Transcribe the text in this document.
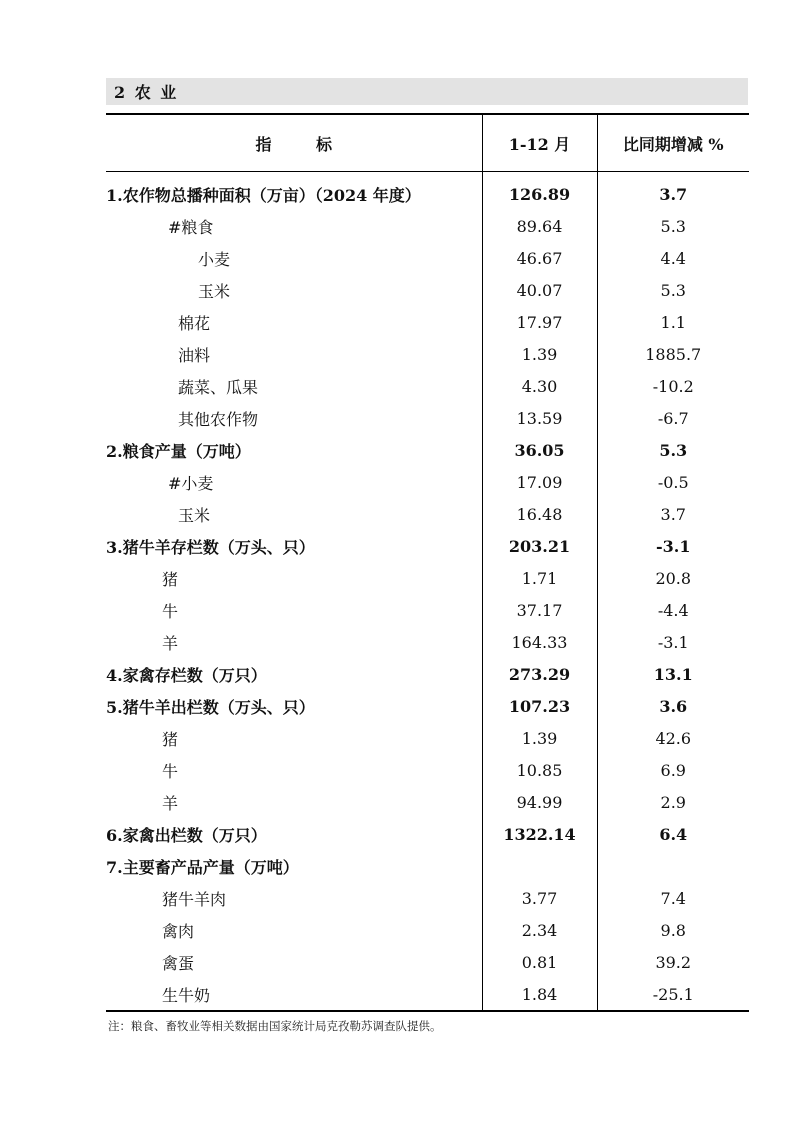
2 农 业
指        标	1-12 月	比同期增减 %
1.农作物总播种面积（万亩）（2024 年度）	126.89	3.7
#粮食	89.64	5.3
小麦	46.67	4.4
玉米	40.07	5.3
棉花	17.97	1.1
油料	1.39	1885.7
蔬菜、瓜果	4.30	-10.2
其他农作物	13.59	-6.7
2.粮食产量（万吨）	36.05	5.3
#小麦	17.09	-0.5
玉米	16.48	3.7
3.猪牛羊存栏数（万头、只）	203.21	-3.1
猪	1.71	20.8
牛	37.17	-4.4
羊	164.33	-3.1
4.家禽存栏数（万只）	273.29	13.1
5.猪牛羊出栏数（万头、只）	107.23	3.6
猪	1.39	42.6
牛	10.85	6.9
羊	94.99	2.9
6.家禽出栏数（万只）	1322.14	6.4
7.主要畜产品产量（万吨）		
猪牛羊肉	3.77	7.4
禽肉	2.34	9.8
禽蛋	0.81	39.2
生牛奶	1.84	-25.1
注：粮食、畜牧业等相关数据由国家统计局克孜勒苏调查队提供。
